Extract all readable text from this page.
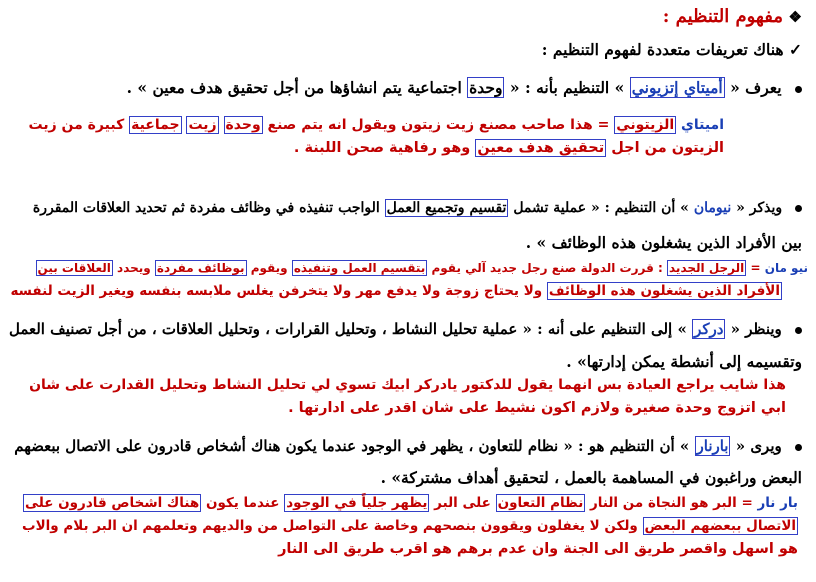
❖ مفهوم التنظيم :
✓ هناك تعريفات متعددة لفهوم التنظيم :
يعرف « أميتاي إتزيوني » التنظيم بأنه : « وحدة اجتماعية يتم انشاؤها من أجل تحقيق هدف معين » .
اميتاي الزيتوني = هذا صاحب مصنع زيت زيتون ويقول انه يتم صنع وحدة زيت جماعية كبيرة من زيت
الزيتون من اجل تحقيق هدف معين وهو رفاهية صحن اللبنة .
ويذكر « نيومان » أن التنظيم : « عملية تشمل تقسيم وتجميع العمل الواجب تنفيذه في وظائف مفردة ثم تحديد العلاقات المقررة
بين الأفراد الذين يشغلون هذه الوظائف » .
نيو مان = الرجل الجديد : قررت الدولة صنع رجل جديد آلي يقوم بتقسيم العمل وتنفيذه ويقوم بوظائف مفردة ويحدد العلاقات بين
الأفراد الذين يشغلون هذه الوظائف ولا يحتاج زوجة ولا يدفع مهر ولا يتخرفن يغلس ملابسه بنفسه ويغير الزيت لنفسه
وينظر « دركر » إلى التنظيم على أنه : « عملية تحليل النشاط ، وتحليل القرارات ، وتحليل العلاقات ، من أجل تصنيف العمل
وتقسيمه إلى أنشطة يمكن إدارتها» .
هذا شايب يراجع العيادة بس انهما يقول للدكتور يادركر ابيك تسوي لي تحليل النشاط وتحليل القدارت على شان
ابي اتزوج وحدة صغيرة ولازم اكون نشيط على شان اقدر على ادارتها .
ويرى « بارنار » أن التنظيم هو : « نظام للتعاون ، يظهر في الوجود عندما يكون هناك أشخاص قادرون على الاتصال ببعضهم
البعض وراغبون في المساهمة بالعمل ، لتحقيق أهداف مشتركة» .
بار نار = البر هو النجاة من النار نظام التعاون على البر يظهر جلياً في الوجود عندما يكون هناك اشخاص قادرون على
الاتصال ببعضهم البعض ولكن لا يغفلون ويقوون بنصحهم وخاصة على التواصل من والديهم وتعلمهم ان البر بلام والاب
هو اسهل واقصر طريق الى الجنة وان عدم برهم هو اقرب طريق الى النار
